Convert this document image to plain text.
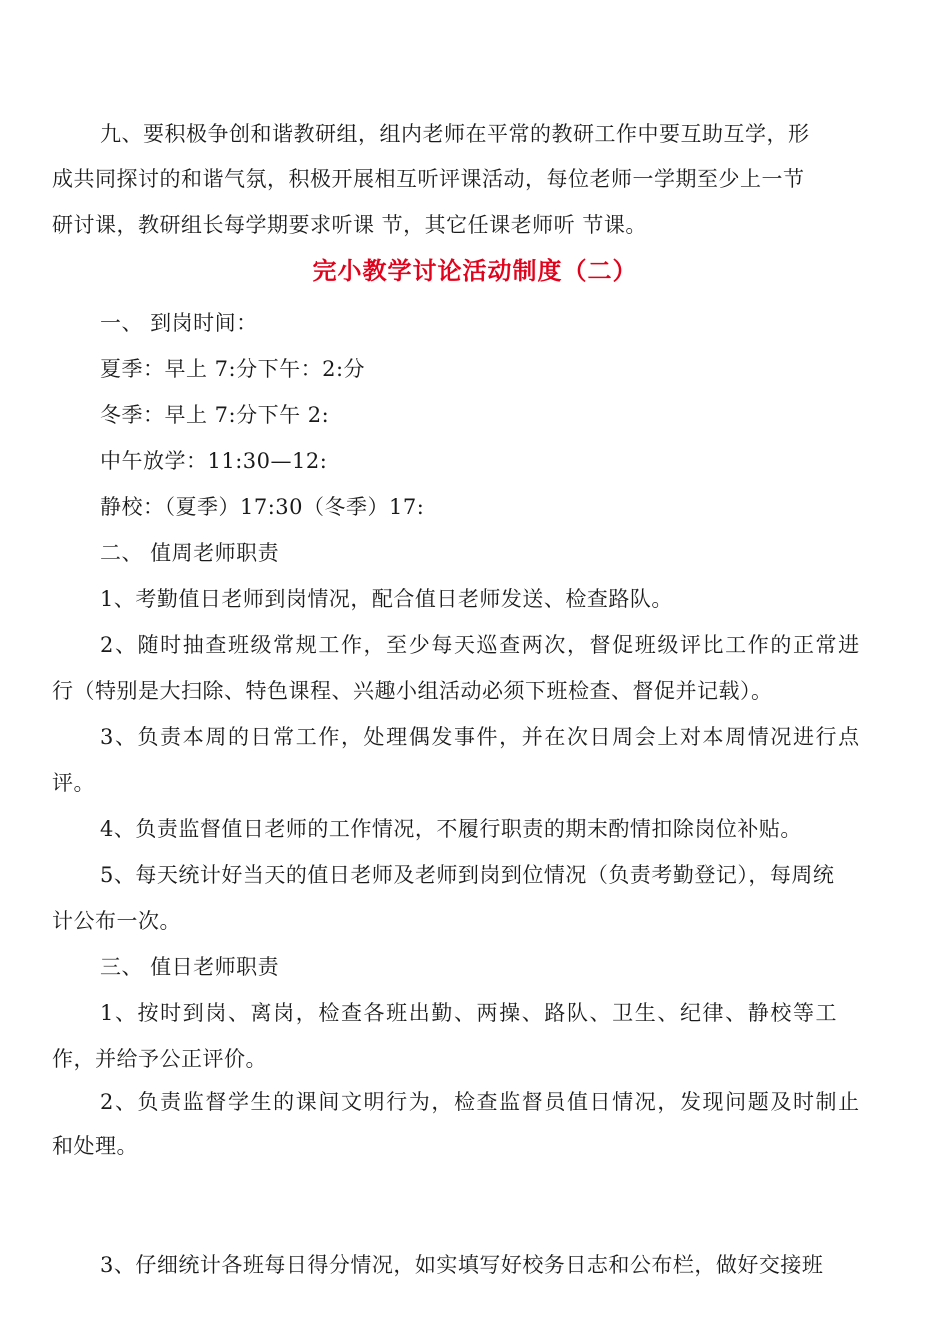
九、要积极争创和谐教研组，组内老师在平常的教研工作中要互助互学，形

成共同探讨的和谐气氛，积极开展相互听评课活动，每位老师一学期至少上一节

研讨课，教研组长每学期要求听课 节，其它任课老师听 节课。

完小教学讨论活动制度（二）

一、 到岗时间：

夏季：早上 7:分下午：2:分

冬季：早上 7:分下午 2:

中午放学：11:30—12:

静校：（夏季）17:30（冬季）17:

二、 值周老师职责

1、考勤值日老师到岗情况，配合值日老师发送、检查路队。

2、随时抽查班级常规工作，至少每天巡查两次，督促班级评比工作的正常进

行（特别是大扫除、特色课程、兴趣小组活动必须下班检查、督促并记载）。

3、负责本周的日常工作，处理偶发事件，并在次日周会上对本周情况进行点

评。

4、负责监督值日老师的工作情况，不履行职责的期末酌情扣除岗位补贴。

5、每天统计好当天的值日老师及老师到岗到位情况（负责考勤登记），每周统

计公布一次。

三、 值日老师职责

1、按时到岗、离岗，检查各班出勤、两操、路队、卫生、纪律、静校等工

作，并给予公正评价。

2、负责监督学生的课间文明行为，检查监督员值日情况，发现问题及时制止

和处理。

3、仔细统计各班每日得分情况，如实填写好校务日志和公布栏，做好交接班
